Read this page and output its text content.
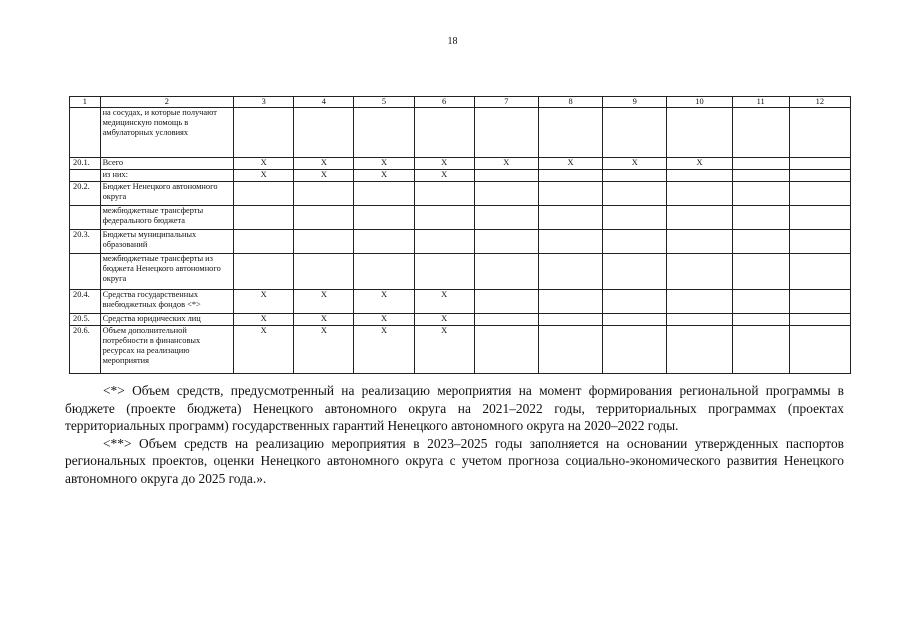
18
1	2	3	4	5	6	7	8	9	10	11	12
	на сосудах, и которые получают медицинскую помощь в амбулаторных условиях										
20.1.	Всего	X	X	X	X	X	X	X	X		
	из них:	X	X	X	X						
20.2.	Бюджет Ненецкого автономного округа										
	межбюджетные трансферты федерального бюджета										
20.3.	Бюджеты муниципальных образований										
	межбюджетные трансферты из бюджета Ненецкого автономного округа										
20.4.	Средства государственных внебюджетных фондов <*>	X	X	X	X						
20.5.	Средства юридических лиц	X	X	X	X						
20.6.	Объем дополнительной потребности в финансовых ресурсах на реализацию мероприятия	X	X	X	X						

<*> Объем средств, предусмотренный на реализацию мероприятия на момент формирования региональной программы в бюджете (проекте бюджета) Ненецкого автономного округа на 2021–2022 годы, территориальных программах (проектах территориальных программ) государственных гарантий Ненецкого автономного округа на 2020–2022 годы.

<**> Объем средств на реализацию мероприятия в 2023–2025 годы заполняется на основании утвержденных паспортов региональных проектов, оценки Ненецкого автономного округа с учетом прогноза социально-экономического развития Ненецкого автономного округа до 2025 года.».
